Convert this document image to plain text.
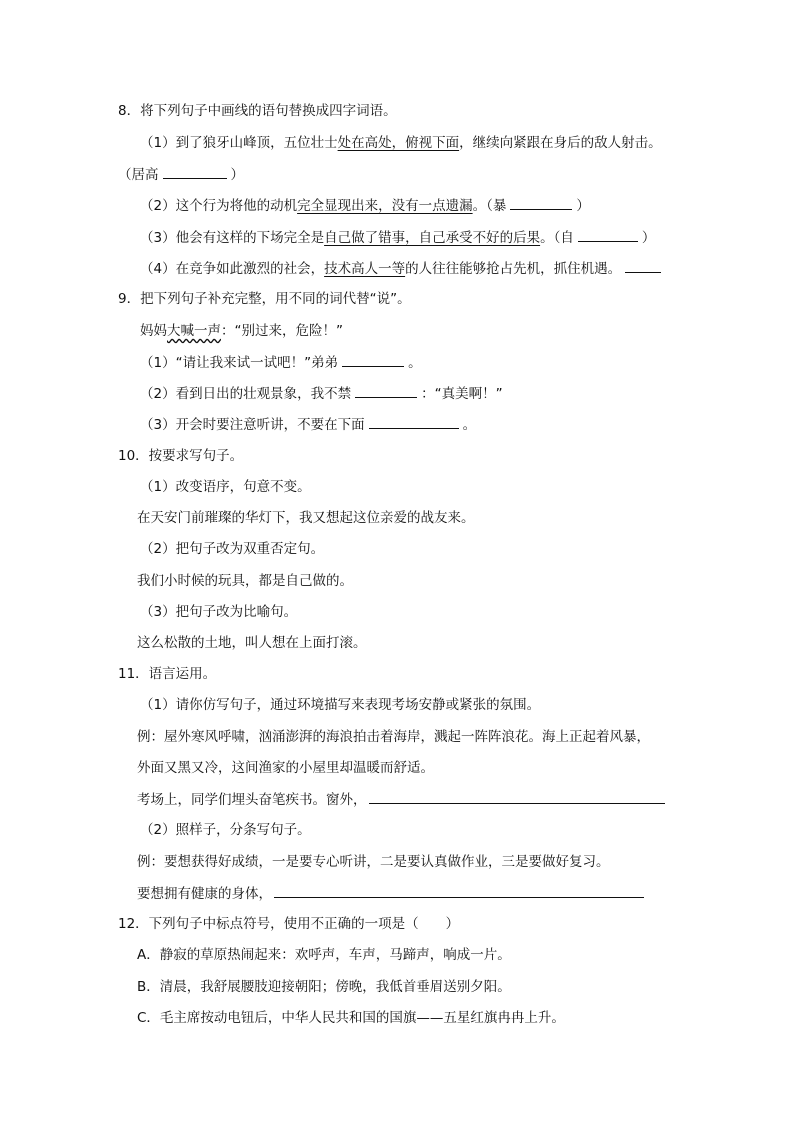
8．将下列句子中画线的语句替换成四字词语。
（1）到了狼牙山峰顶，五位壮士处在高处，俯视下面，继续向紧跟在身后的敌人射击。
（居高	）
（2）这个行为将他的动机完全显现出来，没有一点遗漏。（暴	）
（3）他会有这样的下场完全是自己做了错事，自己承受不好的后果。（自	）
（4）在竞争如此激烈的社会，技术高人一等的人往往能够抢占先机，抓住机遇。
9．把下列句子补充完整，用不同的词代替“说”。
妈妈大喊一声：“别过来，危险！”
（1）“请让我来试一试吧！”弟弟	。
（2）看到日出的壮观景象，我不禁	：“真美啊！”
（3）开会时要注意听讲，不要在下面	。
10．按要求写句子。
（1）改变语序，句意不变。
在天安门前璀璨的华灯下，我又想起这位亲爱的战友来。
（2）把句子改为双重否定句。
我们小时候的玩具，都是自己做的。
（3）把句子改为比喻句。
这么松散的土地，叫人想在上面打滚。
11．语言运用。
（1）请你仿写句子，通过环境描写来表现考场安静或紧张的氛围。
例：屋外寒风呼啸，汹涌澎湃的海浪拍击着海岸，溅起一阵阵浪花。海上正起着风暴，
外面又黑又冷，这间渔家的小屋里却温暖而舒适。
考场上，同学们埋头奋笔疾书。窗外，
（2）照样子，分条写句子。
例：要想获得好成绩，一是要专心听讲，二是要认真做作业，三是要做好复习。
要想拥有健康的身体，
12．下列句子中标点符号，使用不正确的一项是（　　）
A．静寂的草原热闹起来：欢呼声，车声，马蹄声，响成一片。
B．清晨，我舒展腰肢迎接朝阳；傍晚，我低首垂眉送别夕阳。
C．毛主席按动电钮后，中华人民共和国的国旗——五星红旗冉冉上升。
